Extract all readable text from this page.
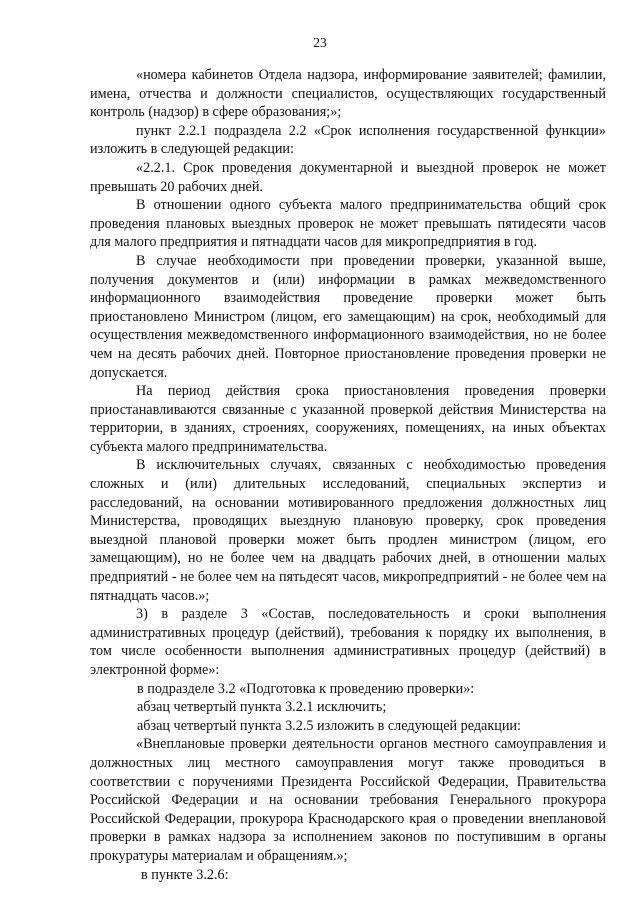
23

«номера кабинетов Отдела надзора, информирование заявителей; фамилии, имена, отчества и должности специалистов, осуществляющих государственный контроль (надзор) в сфере образования;»;

пункт 2.2.1 подраздела 2.2 «Срок исполнения государственной функции» изложить в следующей редакции:

«2.2.1. Срок проведения документарной и выездной проверок не может превышать 20 рабочих дней.

В отношении одного субъекта малого предпринимательства общий срок проведения плановых выездных проверок не может превышать пятидесяти часов для малого предприятия и пятнадцати часов для микропредприятия в год.

В случае необходимости при проведении проверки, указанной выше, получения документов и (или) информации в рамках межведомственного информационного взаимодействия проведение проверки может быть приостановлено Министром (лицом, его замещающим) на срок, необходимый для осуществления межведомственного информационного взаимодействия, но не более чем на десять рабочих дней. Повторное приостановление проведения проверки не допускается.

На период действия срока приостановления проведения проверки приостанавливаются связанные с указанной проверкой действия Министерства на территории, в зданиях, строениях, сооружениях, помещениях, на иных объектах субъекта малого предпринимательства.

В исключительных случаях, связанных с необходимостью проведения сложных и (или) длительных исследований, специальных экспертиз и расследований, на основании мотивированного предложения должностных лиц Министерства, проводящих выездную плановую проверку, срок проведения выездной плановой проверки может быть продлен министром (лицом, его замещающим), но не более чем на двадцать рабочих дней, в отношении малых предприятий - не более чем на пятьдесят часов, микропредприятий - не более чем на пятнадцать часов.»;

3) в разделе 3 «Состав, последовательность и сроки выполнения административных процедур (действий), требования к порядку их выполнения, в том числе особенности выполнения административных процедур (действий) в электронной форме»:

в подразделе 3.2 «Подготовка к проведению проверки»:

абзац четвертый пункта 3.2.1 исключить;

абзац четвертый пункта 3.2.5 изложить в следующей редакции:

«Внеплановые проверки деятельности органов местного самоуправления и должностных лиц местного самоуправления могут также проводиться в соответствии с поручениями Президента Российской Федерации, Правительства Российской Федерации и на основании требования Генерального прокурора Российской Федерации, прокурора Краснодарского края о проведении внеплановой проверки в рамках надзора за исполнением законов по поступившим в органы прокуратуры материалам и обращениям.»;

в пункте 3.2.6:
